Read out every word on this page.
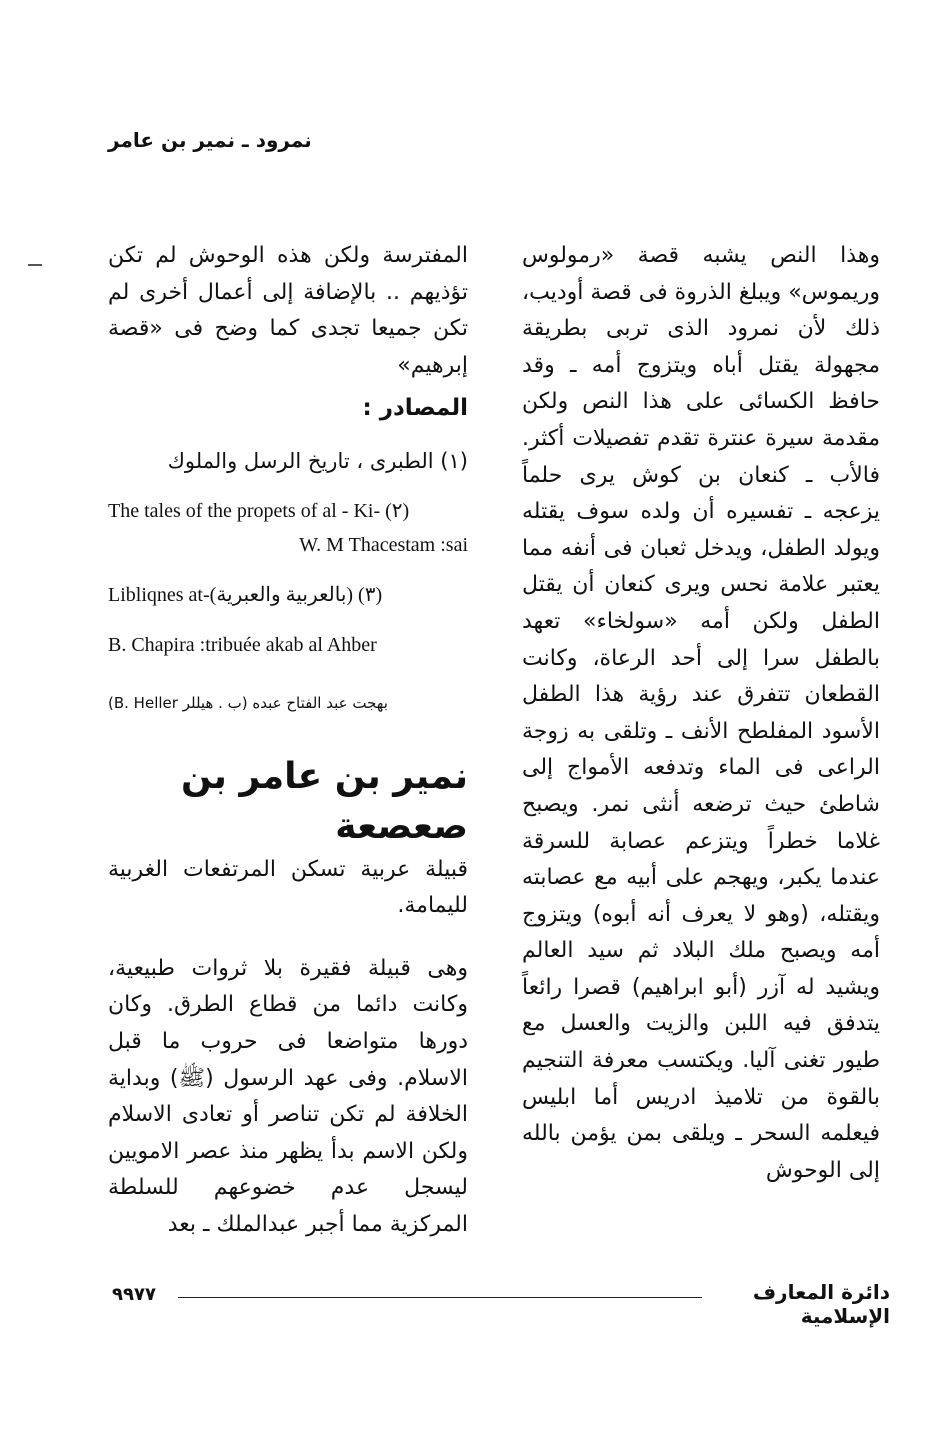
نمرود ـ نمير بن عامر

وهذا النص يشبه قصة «رمولوس وريموس» ويبلغ الذروة فى قصة أوديب، ذلك لأن نمرود الذى تربى بطريقة مجهولة يقتل أباه ويتزوج أمه ـ وقد حافظ الكسائى على هذا النص ولكن مقدمة سيرة عنترة تقدم تفصيلات أكثر. فالأب ـ كنعان بن كوش يرى حلماً يزعجه ـ تفسيره أن ولده سوف يقتله ويولد الطفل، ويدخل ثعبان فى أنفه مما يعتبر علامة نحس ويرى كنعان أن يقتل الطفل ولكن أمه «سولخاء» تعهد بالطفل سرا إلى أحد الرعاة، وكانت القطعان تتفرق عند رؤية هذا الطفل الأسود المفلطح الأنف ـ وتلقى به زوجة الراعى فى الماء وتدفعه الأمواج إلى شاطئ حيث ترضعه أنثى نمر. ويصبح غلاما خطراً ويتزعم عصابة للسرقة عندما يكبر، ويهجم على أبيه مع عصابته ويقتله، (وهو لا يعرف أنه أبوه) ويتزوج أمه ويصبح ملك البلاد ثم سيد العالم ويشيد له آزر (أبو ابراهيم) قصرا رائعاً يتدفق فيه اللبن والزيت والعسل مع طيور تغنى آليا. ويكتسب معرفة التنجيم بالقوة من تلاميذ ادريس أما ابليس فيعلمه السحر ـ ويلقى بمن يؤمن بالله إلى الوحوش

المفترسة ولكن هذه الوحوش لم تكن تؤذيهم .. بالإضافة إلى أعمال أخرى لم تكن جميعا تجدى كما وضح فى «قصة إبرهيم»

المصادر :

(١) الطبرى ، تاريخ الرسل والملوك

The tales of the propets of al - Ki- (٢)

W. M Thacestam :sai

Libliqnes at-(بالعربية والعبرية) (٣)

B. Chapira :tribuée akab al Ahber

بهجت عبد الفتاح عبده (ب . هيللر B. Heller)

نمير بن عامر بن صعصعة

قبيلة عربية تسكن المرتفعات الغربية لليمامة.

وهى قبيلة فقيرة بلا ثروات طبيعية، وكانت دائما من قطاع الطرق. وكان دورها متواضعا فى حروب ما قبل الاسلام. وفى عهد الرسول (ﷺ) وبداية الخلافة لم تكن تناصر أو تعادى الاسلام ولكن الاسم بدأ يظهر منذ عصر الامويين ليسجل عدم خضوعهم للسلطة المركزية مما أجبر عبدالملك ـ بعد

٩٩٧٧	دائرة المعارف الإسلامية
